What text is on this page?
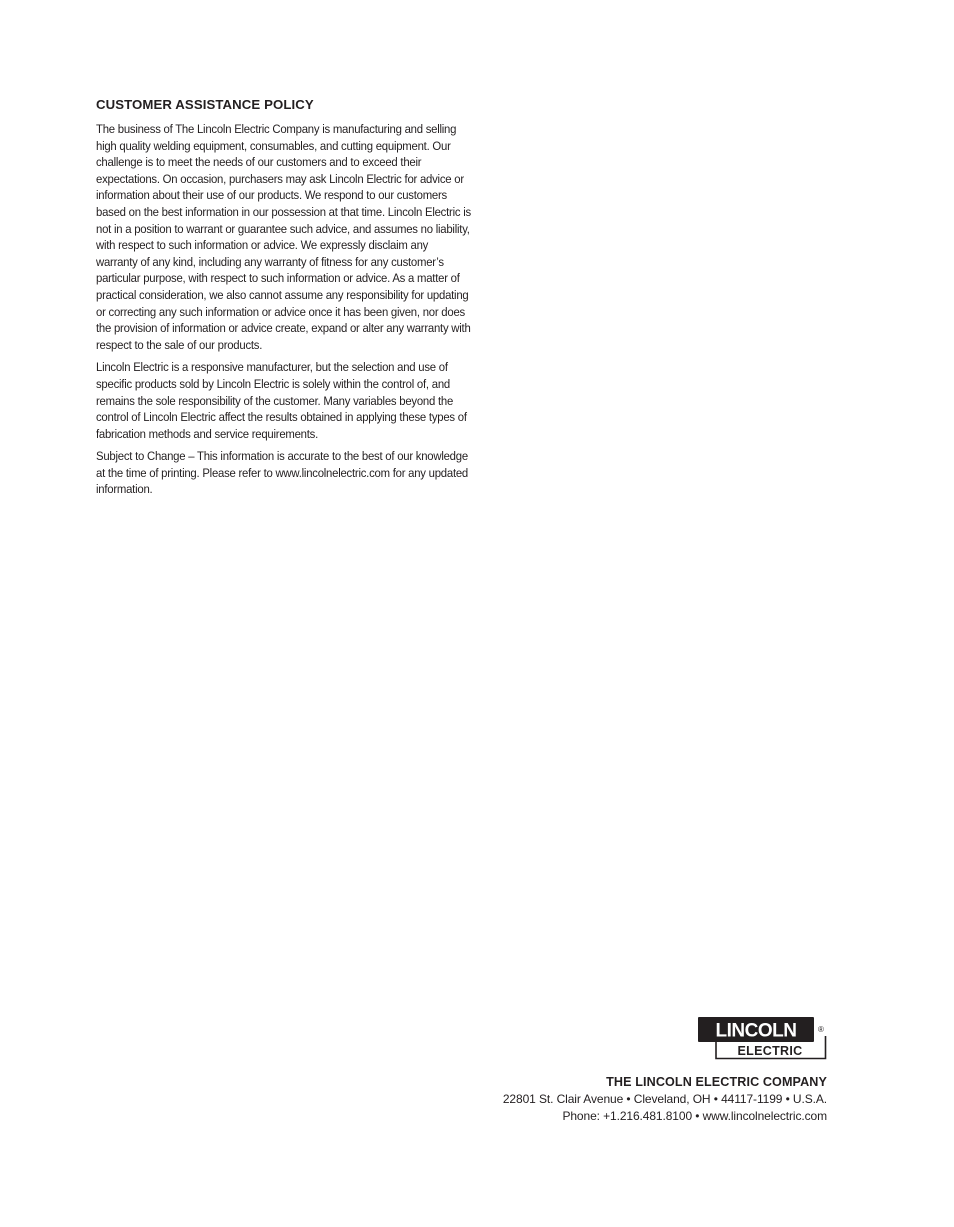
CUSTOMER ASSISTANCE POLICY

The business of The Lincoln Electric Company is manufacturing and selling high quality welding equipment, consumables, and cutting equipment. Our challenge is to meet the needs of our customers and to exceed their expectations. On occasion, purchasers may ask Lincoln Electric for advice or information about their use of our products. We respond to our customers based on the best information in our possession at that time. Lincoln Electric is not in a position to warrant or guarantee such advice, and assumes no liability, with respect to such information or advice. We expressly disclaim any warranty of any kind, including any warranty of fitness for any customer’s particular purpose, with respect to such information or advice. As a matter of practical consideration, we also cannot assume any responsibility for updating or correcting any such information or advice once it has been given, nor does the provision of information or advice create, expand or alter any warranty with respect to the sale of our products.

Lincoln Electric is a responsive manufacturer, but the selection and use of specific products sold by Lincoln Electric is solely within the control of, and remains the sole responsibility of the customer. Many variables beyond the control of Lincoln Electric affect the results obtained in applying these types of fabrication methods and service requirements.

Subject to Change – This information is accurate to the best of our knowledge at the time of printing. Please refer to www.lincolnelectric.com for any updated information.

LINCOLN	®
ELECTRIC
THE LINCOLN ELECTRIC COMPANY
22801 St. Clair Avenue • Cleveland, OH • 44117-1199 • U.S.A.
Phone: +1.216.481.8100 • www.lincolnelectric.com
